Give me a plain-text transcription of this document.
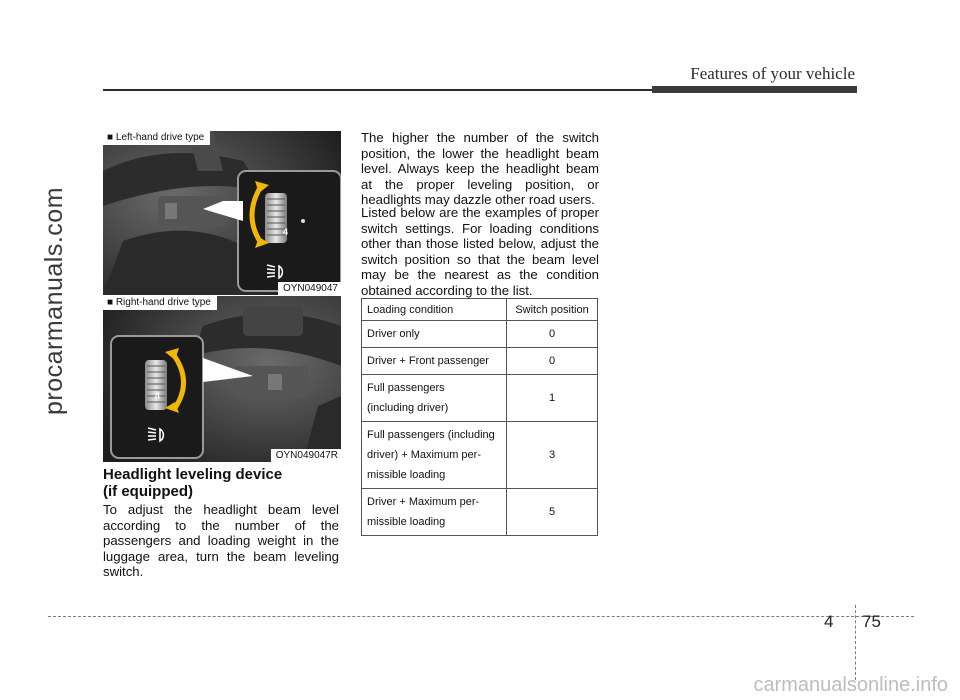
Features of your vehicle
procarmanuals.com
carmanualsonline.info
4
■ Left-hand drive type
OYN049047
4
■ Right-hand drive type
OYN049047R
Headlight leveling device
(if equipped)

To adjust the headlight beam level according to the number of the passengers and loading weight in the luggage area, turn the beam leveling switch.

The higher the number of the switch position, the lower the headlight beam level. Always keep the headlight beam at the proper leveling position, or headlights may dazzle other road users.

Listed below are the examples of proper switch settings. For loading conditions other than those listed below, adjust the switch position so that the beam level may be the nearest as the condition obtained according to the list.

Loading condition	Switch position

Driver only	0

Driver + Front passenger	0

Full passengers
(including driver)	1

Full passengers (including
driver) + Maximum per-
missible loading	3

Driver + Maximum per-
missible loading	5
4 75
